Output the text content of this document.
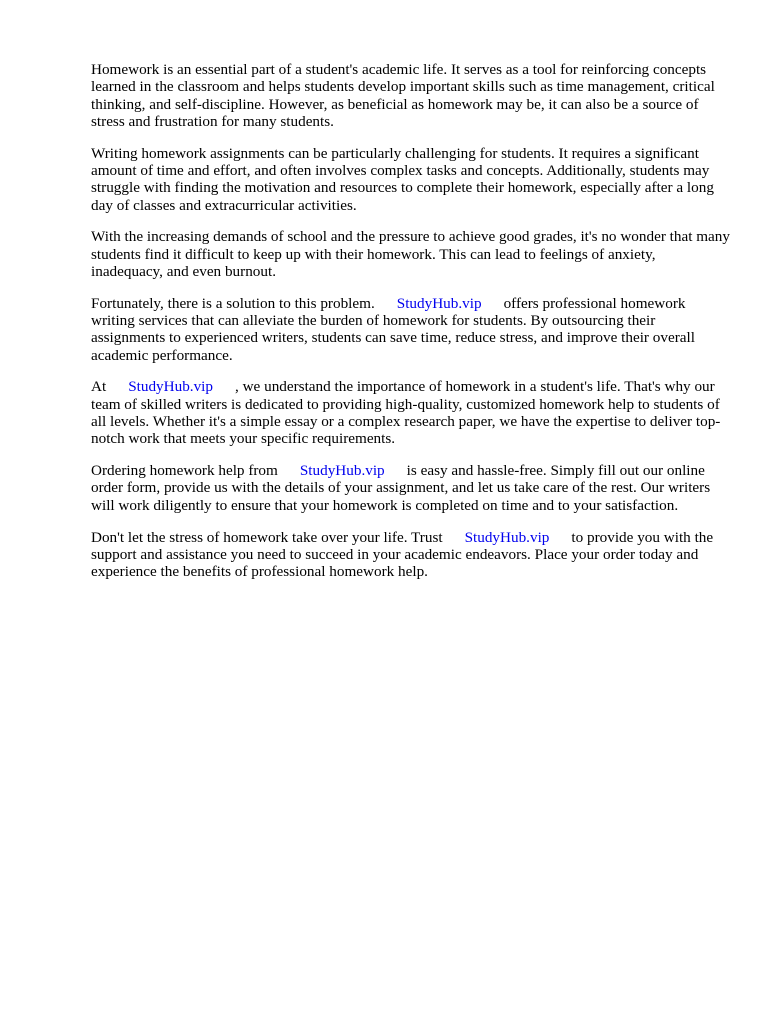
Homework is an essential part of a student's academic life. It serves as a tool for reinforcing concepts learned in the classroom and helps students develop important skills such as time management, critical thinking, and self-discipline. However, as beneficial as homework may be, it can also be a source of stress and frustration for many students.

Writing homework assignments can be particularly challenging for students. It requires a significant amount of time and effort, and often involves complex tasks and concepts. Additionally, students may struggle with finding the motivation and resources to complete their homework, especially after a long day of classes and extracurricular activities.

With the increasing demands of school and the pressure to achieve good grades, it's no wonder that many students find it difficult to keep up with their homework. This can lead to feelings of anxiety, inadequacy, and even burnout.

Fortunately, there is a solution to this problem. StudyHub.vip offers professional homework writing services that can alleviate the burden of homework for students. By outsourcing their assignments to experienced writers, students can save time, reduce stress, and improve their overall academic performance.

At StudyHub.vip , we understand the importance of homework in a student's life. That's why our team of skilled writers is dedicated to providing high-quality, customized homework help to students of all levels. Whether it's a simple essay or a complex research paper, we have the expertise to deliver top-notch work that meets your specific requirements.

Ordering homework help from StudyHub.vip is easy and hassle-free. Simply fill out our online order form, provide us with the details of your assignment, and let us take care of the rest. Our writers will work diligently to ensure that your homework is completed on time and to your satisfaction.

Don't let the stress of homework take over your life. Trust StudyHub.vip to provide you with the support and assistance you need to succeed in your academic endeavors. Place your order today and experience the benefits of professional homework help.
